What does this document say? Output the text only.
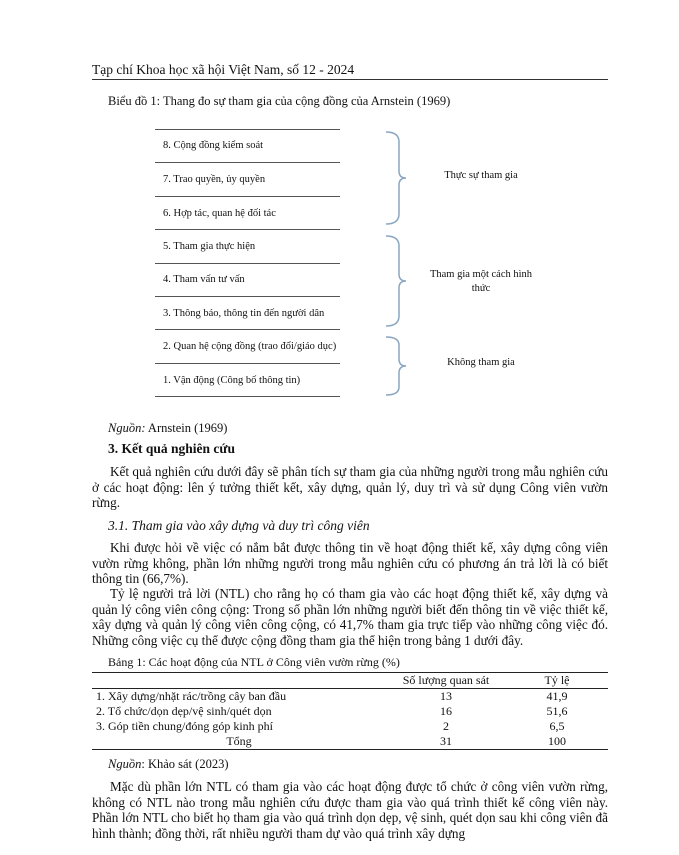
Tạp chí Khoa học xã hội Việt Nam, số 12 - 2024
Biểu đồ 1: Thang đo sự tham gia của cộng đồng của Arnstein (1969)
8. Cộng đồng kiểm soát
7. Trao quyền, ủy quyền
6. Hợp tác, quan hệ đối tác
5. Tham gia thực hiện
4. Tham vấn tư vấn
3. Thông báo, thông tin đến người dân
2. Quan hệ cộng đồng (trao đổi/giáo dục)
1. Vận động (Công bố thông tin)
Thực sự tham gia
Tham gia một cách hình thức
Không tham gia
Nguồn: Arnstein (1969)
3. Kết quả nghiên cứu

Kết quả nghiên cứu dưới đây sẽ phân tích sự tham gia của những người trong mẫu nghiên cứu ở các hoạt động: lên ý tưởng thiết kết, xây dựng, quản lý, duy trì và sử dụng Công viên vườn rừng.

3.1. Tham gia vào xây dựng và duy trì công viên

Khi được hỏi về việc có nắm bắt được thông tin về hoạt động thiết kế, xây dựng công viên vườn rừng không, phần lớn những người trong mẫu nghiên cứu có phương án trả lời là có biết thông tin (66,7%).

Tỷ lệ người trả lời (NTL) cho rằng họ có tham gia vào các hoạt động thiết kế, xây dựng và quản lý công viên công cộng: Trong số phần lớn những người biết đến thông tin về việc thiết kế, xây dựng và quản lý công viên công cộng, có 41,7% tham gia trực tiếp vào những công việc đó. Những công việc cụ thể được cộng đồng tham gia thể hiện trong bảng 1 dưới đây.

Bảng 1: Các hoạt động của NTL ở Công viên vườn rừng (%)
	Số lượng quan sát	Tỷ lệ
1. Xây dựng/nhặt rác/trồng cây ban đầu	13	41,9
2. Tổ chức/dọn dẹp/vệ sinh/quét dọn	16	51,6
3. Góp tiền chung/đóng góp kinh phí	2	6,5
Tổng	31	100
Nguồn: Khảo sát (2023)

Mặc dù phần lớn NTL có tham gia vào các hoạt động được tổ chức ở công viên vườn rừng, không có NTL nào trong mẫu nghiên cứu được tham gia vào quá trình thiết kế công viên này. Phần lớn NTL cho biết họ tham gia vào quá trình dọn dẹp, vệ sinh, quét dọn sau khi công viên đã hình thành; đồng thời, rất nhiều người tham dự vào quá trình xây dựng
